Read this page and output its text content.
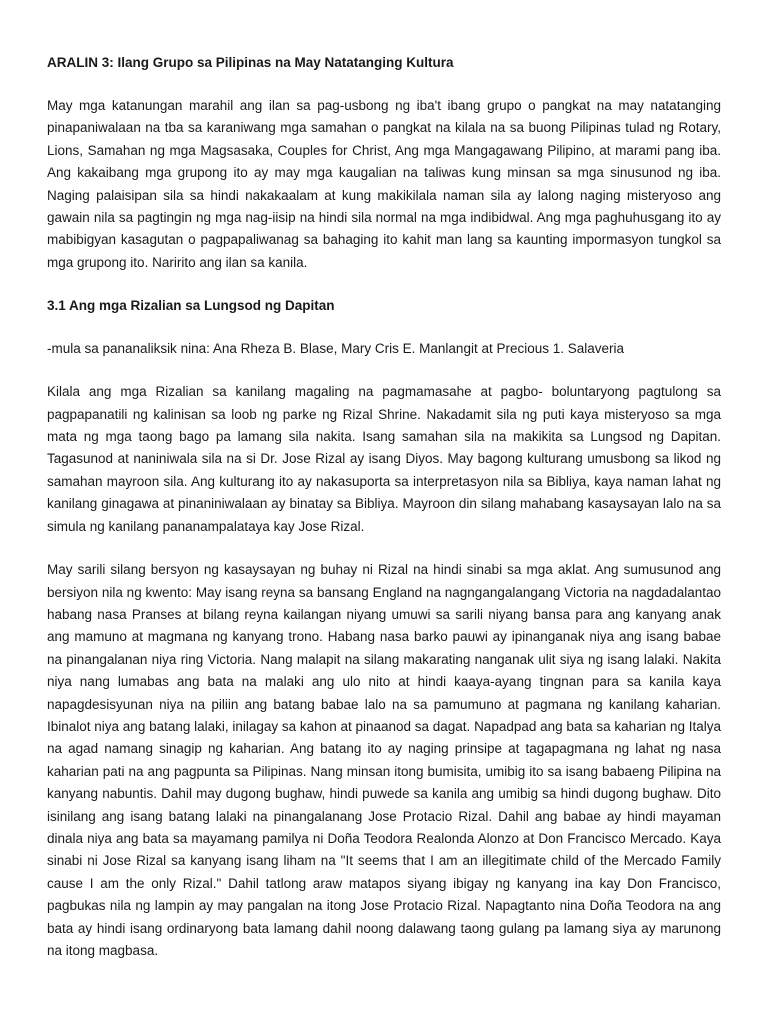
ARALIN 3: Ilang Grupo sa Pilipinas na May Natatanging Kultura

May mga katanungan marahil ang ilan sa pag-usbong ng iba't ibang grupo o pangkat na may natatanging pinapaniwalaan na tba sa karaniwang mga samahan o pangkat na kilala na sa buong Pilipinas tulad ng Rotary, Lions, Samahan ng mga Magsasaka, Couples for Christ, Ang mga Mangagawang Pilipino, at marami pang iba. Ang kakaibang mga grupong ito ay may mga kaugalian na taliwas kung minsan sa mga sinusunod ng iba. Naging palaisipan sila sa hindi nakakaalam at kung makikilala naman sila ay lalong naging misteryoso ang gawain nila sa pagtingin ng mga nag-iisip na hindi sila normal na mga indibidwal. Ang mga paghuhusgang ito ay mabibigyan kasagutan o pagpapaliwanag sa bahaging ito kahit man lang sa kaunting impormasyon tungkol sa mga grupong ito. Naririto ang ilan sa kanila.

3.1 Ang mga Rizalian sa Lungsod ng Dapitan

-mula sa pananaliksik nina: Ana Rheza B. Blase, Mary Cris E. Manlangit at Precious 1. Salaveria

Kilala ang mga Rizalian sa kanilang magaling na pagmamasahe at pagbo- boluntaryong pagtulong sa pagpapanatili ng kalinisan sa loob ng parke ng Rizal Shrine. Nakadamit sila ng puti kaya misteryoso sa mga mata ng mga taong bago pa lamang sila nakita. Isang samahan sila na makikita sa Lungsod ng Dapitan. Tagasunod at naniniwala sila na si Dr. Jose Rizal ay isang Diyos. May bagong kulturang umusbong sa likod ng samahan mayroon sila. Ang kulturang ito ay nakasuporta sa interpretasyon nila sa Bibliya, kaya naman lahat ng kanilang ginagawa at pinaniniwalaan ay binatay sa Bibliya. Mayroon din silang mahabang kasaysayan lalo na sa simula ng kanilang pananampalataya kay Jose Rizal.

May sarili silang bersyon ng kasaysayan ng buhay ni Rizal na hindi sinabi sa mga aklat. Ang sumusunod ang bersiyon nila ng kwento: May isang reyna sa bansang England na nagngangalangang Victoria na nagdadalantao habang nasa Pranses at bilang reyna kailangan niyang umuwi sa sarili niyang bansa para ang kanyang anak ang mamuno at magmana ng kanyang trono. Habang nasa barko pauwi ay ipinanganak niya ang isang babae na pinangalanan niya ring Victoria. Nang malapit na silang makarating nanganak ulit siya ng isang lalaki. Nakita niya nang lumabas ang bata na malaki ang ulo nito at hindi kaaya-ayang tingnan para sa kanila kaya napagdesisyunan niya na piliin ang batang babae lalo na sa pamumuno at pagmana ng kanilang kaharian. Ibinalot niya ang batang lalaki, inilagay sa kahon at pinaanod sa dagat. Napadpad ang bata sa kaharian ng Italya na agad namang sinagip ng kaharian. Ang batang ito ay naging prinsipe at tagapagmana ng lahat ng nasa kaharian pati na ang pagpunta sa Pilipinas. Nang minsan itong bumisita, umibig ito sa isang babaeng Pilipina na kanyang nabuntis. Dahil may dugong bughaw, hindi puwede sa kanila ang umibig sa hindi dugong bughaw. Dito isinilang ang isang batang lalaki na pinangalanang Jose Protacio Rizal. Dahil ang babae ay hindi mayaman dinala niya ang bata sa mayamang pamilya ni Doña Teodora Realonda Alonzo at Don Francisco Mercado. Kaya sinabi ni Jose Rizal sa kanyang isang liham na "It seems that I am an illegitimate child of the Mercado Family cause I am the only Rizal." Dahil tatlong araw matapos siyang ibigay ng kanyang ina kay Don Francisco, pagbukas nila ng lampin ay may pangalan na itong Jose Protacio Rizal. Napagtanto nina Doña Teodora na ang bata ay hindi isang ordinaryong bata lamang dahil noong dalawang taong gulang pa lamang siya ay marunong na itong magbasa.
